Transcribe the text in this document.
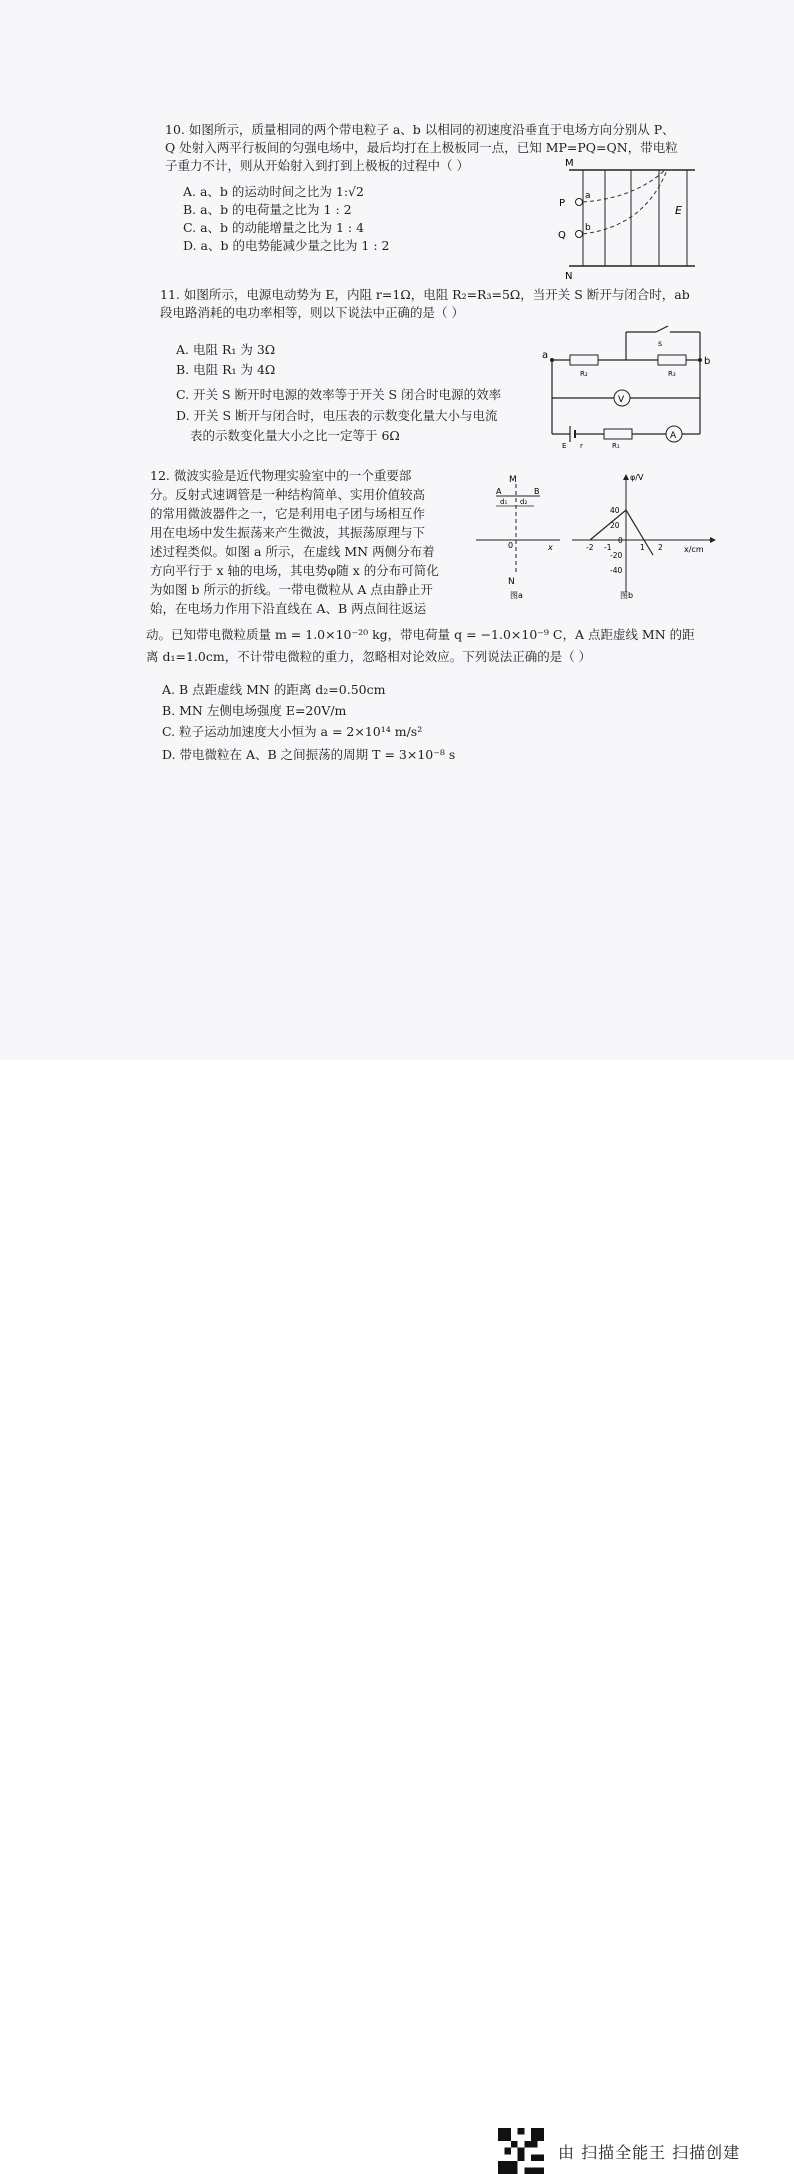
10. 如图所示，质量相同的两个带电粒子 a、b 以相同的初速度沿垂直于电场方向分别从 P、
Q 处射入两平行板间的匀强电场中，最后均打在上极板同一点，已知 MP=PQ=QN，带电粒
子重力不计，则从开始射入到打到上极板的过程中（ ）
A. a、b 的运动时间之比为 1:√2
B. a、b 的电荷量之比为 1 : 2
C. a、b 的动能增量之比为 1 : 4
D. a、b 的电势能减少量之比为 1 : 2
M
N
P
Q
a
b
E
11. 如图所示，电源电动势为 E，内阻 r=1Ω，电阻 R₂=R₃=5Ω，当开关 S 断开与闭合时，ab
段电路消耗的电功率相等，则以下说法中正确的是（ ）
A. 电阻 R₁ 为 3Ω
B. 电阻 R₁ 为 4Ω
C. 开关 S 断开时电源的效率等于开关 S 闭合时电源的效率
D. 开关 S 断开与闭合时，电压表的示数变化量大小与电流
表的示数变化量大小之比一定等于 6Ω
a
b
s
R₂	R₃
V
A
R₁
E r
12. 微波实验是近代物理实验室中的一个重要部
分。反射式速调管是一种结构简单、实用价值较高
的常用微波器件之一，它是利用电子团与场相互作
用在电场中发生振荡来产生微波，其振荡原理与下
述过程类似。如图 a 所示，在虚线 MN 两侧分布着
方向平行于 x 轴的电场，其电势φ随 x 的分布可简化
为如图 b 所示的折线。一带电微粒从 A 点由静止开
始，在电场力作用下沿直线在 A、B 两点间往返运
动。已知带电微粒质量 m = 1.0×10⁻²⁰ kg，带电荷量 q = −1.0×10⁻⁹ C，A 点距虚线 MN 的距
离 d₁=1.0cm，不计带电微粒的重力，忽略相对论效应。下列说法正确的是（ ）
A. B 点距虚线 MN 的距离 d₂=0.50cm
B. MN 左侧电场强度 E=20V/m
C. 粒子运动加速度大小恒为 a = 2×10¹⁴ m/s²
D. 带电微粒在 A、B 之间振荡的周期 T = 3×10⁻⁸ s
M
A	B
d₁ d₂
0	x
N
图a
40
20
0
-20
-40
-2 -1	1 2
φ/V
x/cm
图b
由 扫描全能王 扫描创建
